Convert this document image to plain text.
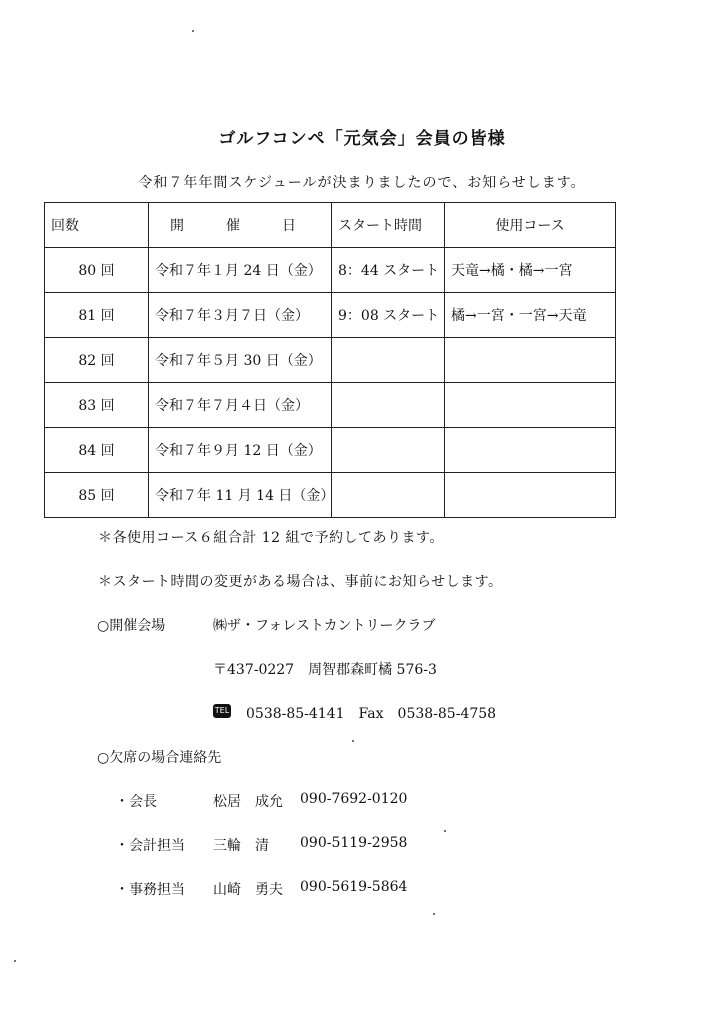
ゴルフコンペ「元気会」会員の皆様
令和７年年間スケジュールが決まりましたので、お知らせします。
回数	開　催　日	スタート時間	使用コース
80 回	令和７年１月 24 日（金）	8：44 スタート	天竜→橘・橘→一宮
81 回	令和７年３月７日（金）	9：08 スタート	橘→一宮・一宮→天竜
82 回	令和７年５月 30 日（金）		
83 回	令和７年７月４日（金）		
84 回	令和７年９月 12 日（金）		
85 回	令和７年 11 月 14 日（金）		
＊各使用コース６組合計 12 組で予約してあります。
＊スタート時間の変更がある場合は、事前にお知らせします。
○開催会場	㈱ザ・フォレストカントリークラブ
〒437-0227　周智郡森町橘 576-3
TEL 0538-85-4141　Fax　0538-85-4758
○欠席の場合連絡先
・会長	松居　成允 090-7692-0120
・会計担当 三輪　清 090-5119-2958
・事務担当 山崎　勇夫 090-5619-5864
